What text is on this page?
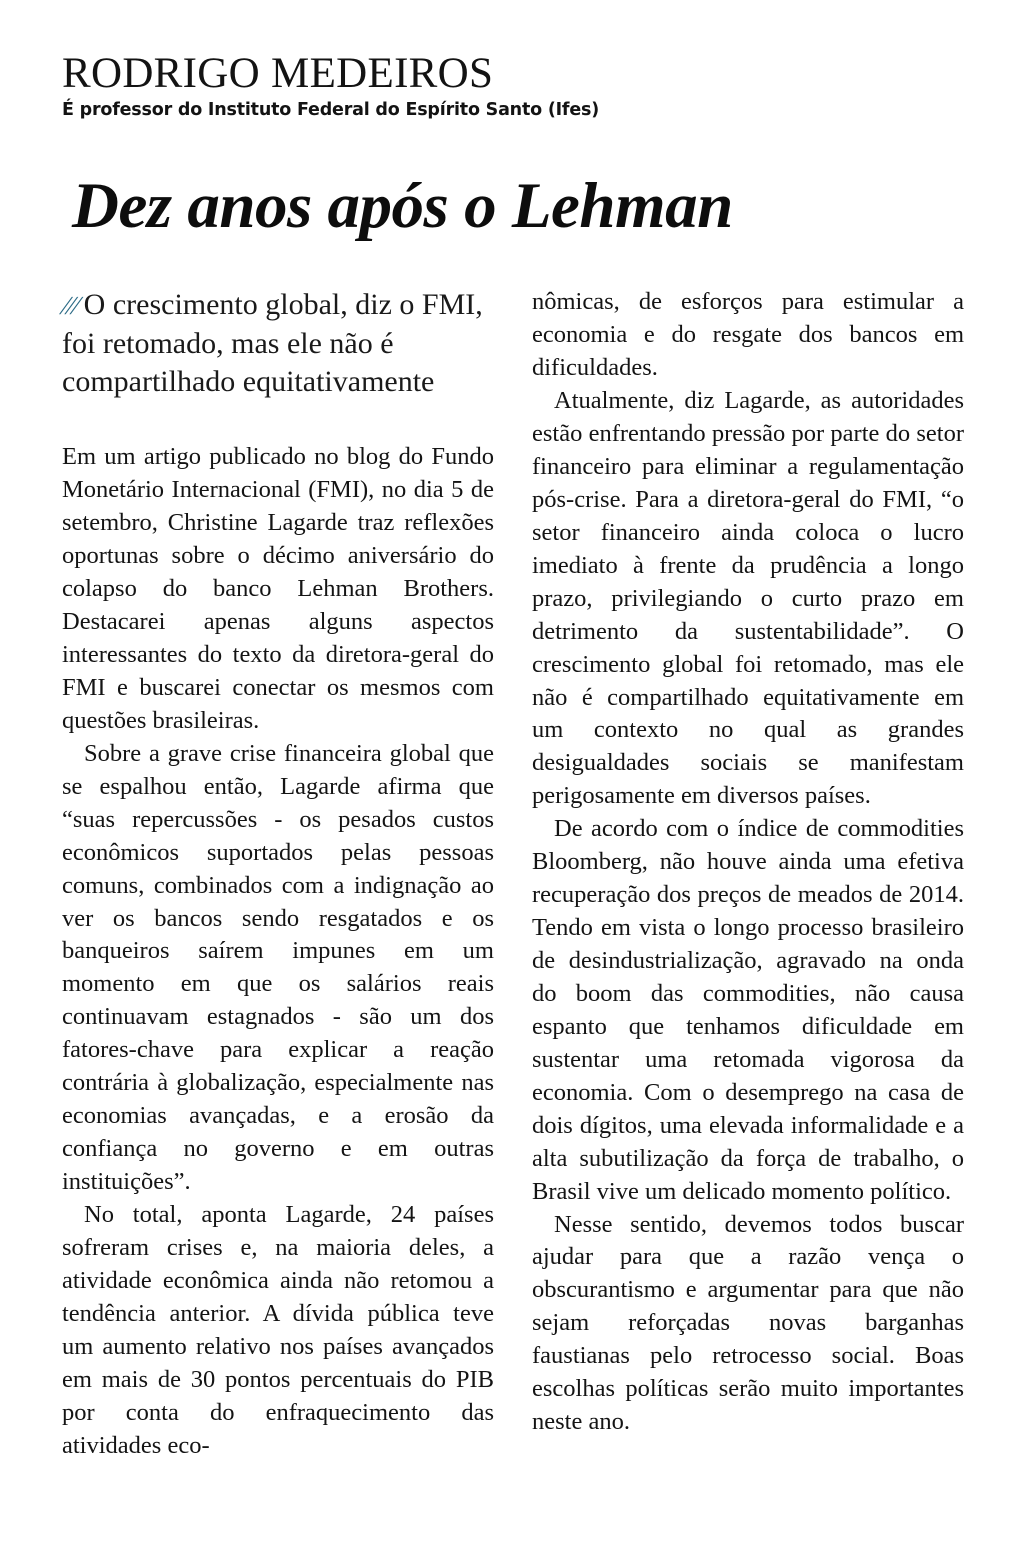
RODRIGO MEDEIROS
É professor do Instituto Federal do Espírito Santo (Ifes)
Dez anos após o Lehman

///O crescimento global, diz o FMI, foi retomado, mas ele não é compartilhado equitativamente

Em um artigo publicado no blog do Fundo Monetário Internacional (FMI), no dia 5 de setembro, Christine Lagarde traz reflexões oportunas sobre o décimo aniversário do colapso do banco Lehman Brothers. Destacarei apenas alguns aspectos interessantes do texto da diretora-geral do FMI e buscarei conectar os mesmos com questões brasileiras.

Sobre a grave crise financeira global que se espalhou então, Lagarde afirma que “suas repercussões - os pesados custos econômicos suportados pelas pessoas comuns, combinados com a indignação ao ver os bancos sendo resgatados e os banqueiros saírem impunes em um momento em que os salários reais continuavam estagnados - são um dos fatores-chave para explicar a reação contrária à globalização, especialmente nas economias avançadas, e a erosão da confiança no governo e em outras instituições”.

No total, aponta Lagarde, 24 países sofreram crises e, na maioria deles, a atividade econômica ainda não retomou a tendência anterior. A dívida pública teve um aumento relativo nos países avançados em mais de 30 pontos percentuais do PIB por conta do enfraquecimento das atividades eco-

nômicas, de esforços para estimular a economia e do resgate dos bancos em dificuldades.

Atualmente, diz Lagarde, as autoridades estão enfrentando pressão por parte do setor financeiro para eliminar a regulamentação pós-crise. Para a diretora-geral do FMI, “o setor financeiro ainda coloca o lucro imediato à frente da prudência a longo prazo, privilegiando o curto prazo em detrimento da sustentabilidade”. O crescimento global foi retomado, mas ele não é compartilhado equitativamente em um contexto no qual as grandes desigualdades sociais se manifestam perigosamente em diversos países.

De acordo com o índice de commodities Bloomberg, não houve ainda uma efetiva recuperação dos preços de meados de 2014. Tendo em vista o longo processo brasileiro de desindustrialização, agravado na onda do boom das commodities, não causa espanto que tenhamos dificuldade em sustentar uma retomada vigorosa da economia. Com o desemprego na casa de dois dígitos, uma elevada informalidade e a alta subutilização da força de trabalho, o Brasil vive um delicado momento político.

Nesse sentido, devemos todos buscar ajudar para que a razão vença o obscurantismo e argumentar para que não sejam reforçadas novas barganhas faustianas pelo retrocesso social. Boas escolhas políticas serão muito importantes neste ano.
